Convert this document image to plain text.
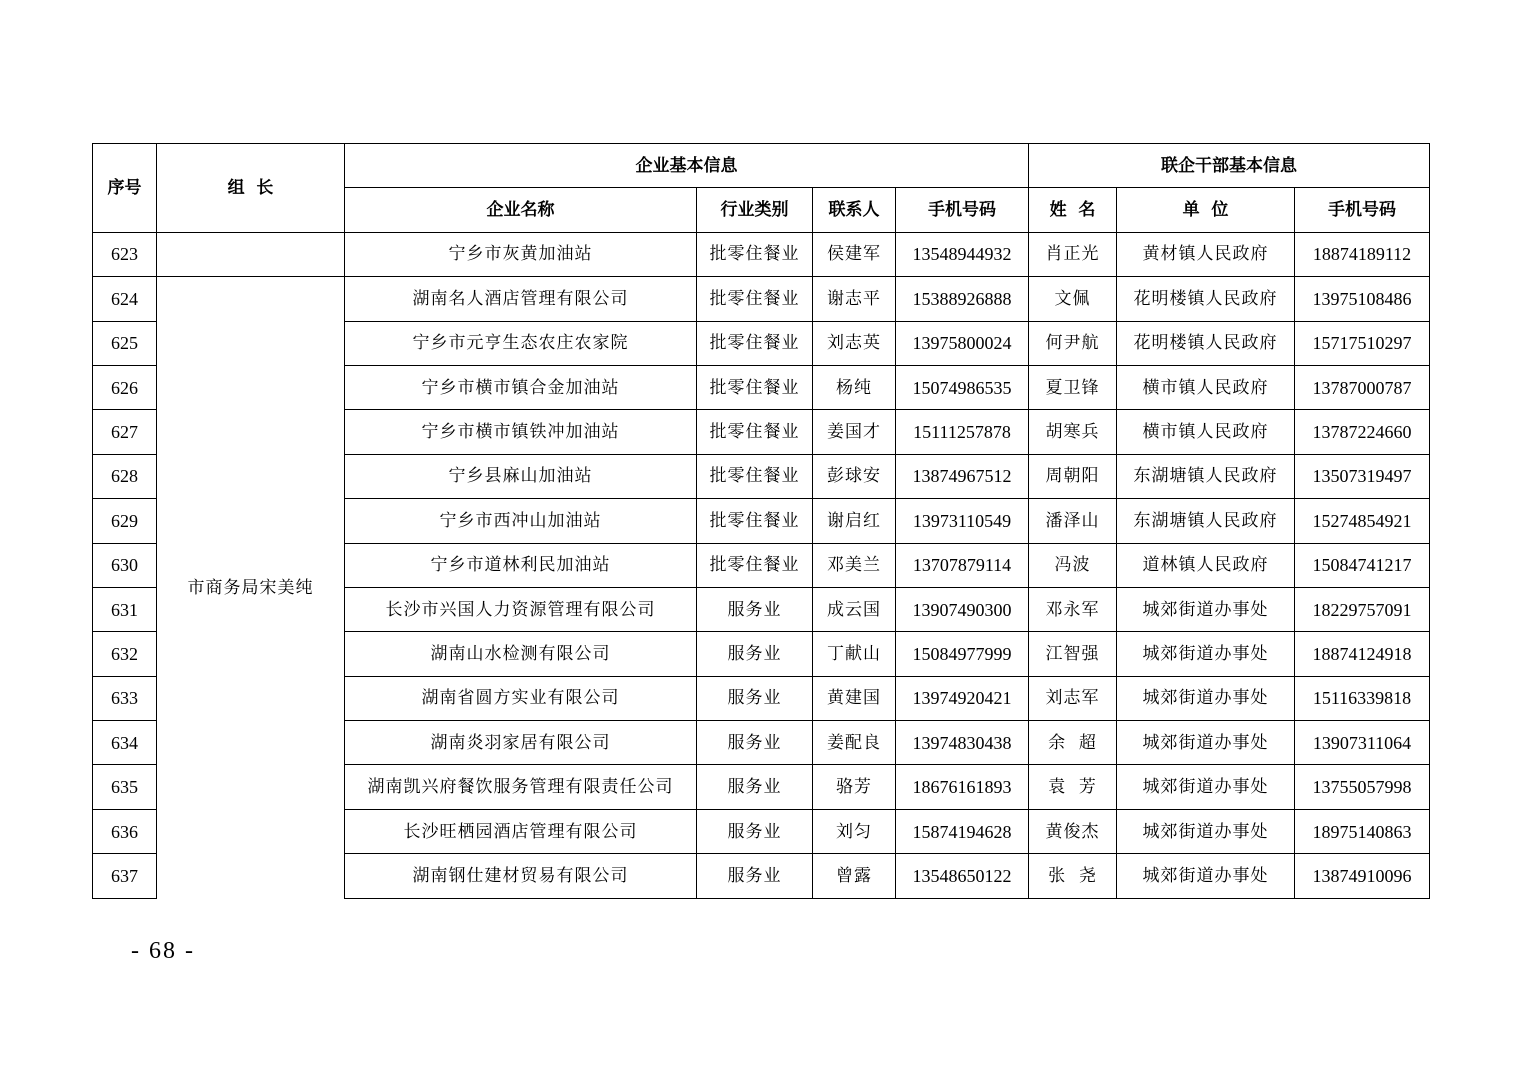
序号	组  长	企业基本信息				联企干部基本信息		
		企业名称	行业类别	联系人	手机号码	姓  名	单  位	手机号码
623		宁乡市灰黄加油站	批零住餐业	侯建军	13548944932	肖正光	黄材镇人民政府	18874189112
624	市商务局宋美纯	湖南名人酒店管理有限公司	批零住餐业	谢志平	15388926888	文佩	花明楼镇人民政府	13975108486
625		宁乡市元亨生态农庄农家院	批零住餐业	刘志英	13975800024	何尹航	花明楼镇人民政府	15717510297
626		宁乡市横市镇合金加油站	批零住餐业	杨纯	15074986535	夏卫锋	横市镇人民政府	13787000787
627		宁乡市横市镇铁冲加油站	批零住餐业	姜国才	15111257878	胡寒兵	横市镇人民政府	13787224660
628		宁乡县麻山加油站	批零住餐业	彭球安	13874967512	周朝阳	东湖塘镇人民政府	13507319497
629		宁乡市西冲山加油站	批零住餐业	谢启红	13973110549	潘泽山	东湖塘镇人民政府	15274854921
630		宁乡市道林利民加油站	批零住餐业	邓美兰	13707879114	冯波	道林镇人民政府	15084741217
631		长沙市兴国人力资源管理有限公司	服务业	成云国	13907490300	邓永军	城郊街道办事处	18229757091
632		湖南山水检测有限公司	服务业	丁献山	15084977999	江智强	城郊街道办事处	18874124918
633		湖南省圆方实业有限公司	服务业	黄建国	13974920421	刘志军	城郊街道办事处	15116339818
634		湖南炎羽家居有限公司	服务业	姜配良	13974830438	余  超	城郊街道办事处	13907311064
635		湖南凯兴府餐饮服务管理有限责任公司	服务业	骆芳	18676161893	袁  芳	城郊街道办事处	13755057998
636		长沙旺栖园酒店管理有限公司	服务业	刘匀	15874194628	黄俊杰	城郊街道办事处	18975140863
637		湖南钢仕建材贸易有限公司	服务业	曾露	13548650122	张  尧	城郊街道办事处	13874910096
- 68 -
